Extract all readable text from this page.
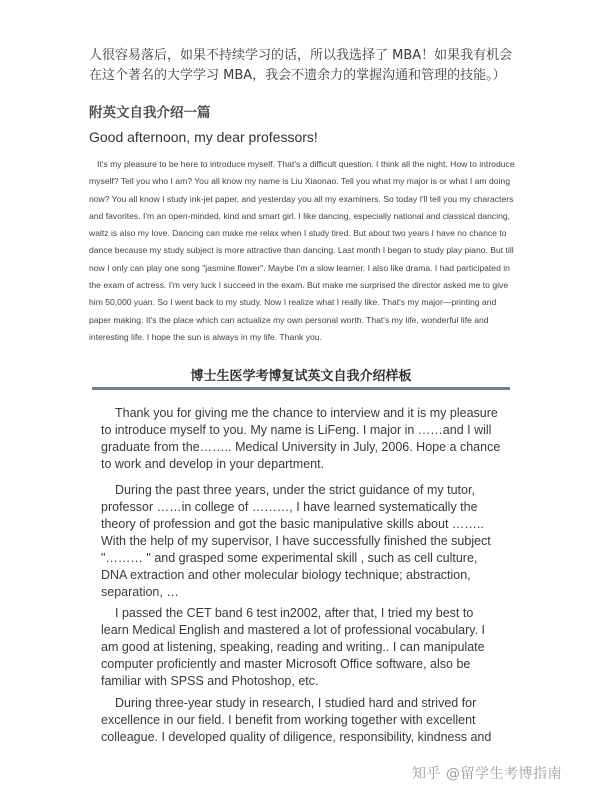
人很容易落后，如果不持续学习的话，所以我选择了 MBA！如果我有机会在这个著名的大学学习 MBA，我会不遗余力的掌握沟通和管理的技能。）

附英文自我介绍一篇

Good afternoon, my dear professors!

It's my pleasure to be here to introduce myself. That's a difficult question. I think all the night. How to introduce myself? Tell you who I am? You all know my name is Liu Xiaonao. Tell you what my major is or what I am doing now? You all know I study ink-jet paper, and yesterday you all my examiners. So today I'll tell you my characters and favorites. I'm an open-minded, kind and smart girl. I like dancing, especially national and classical dancing, waltz is also my love. Dancing can make me relax when I study tired. But about two years I have no chance to dance because my study subject is more attractive than dancing. Last month I began to study play piano. But till now I only can play one song "jasmine flower". Maybe I'm a slow learner. I also like drama. I had participated in the exam of actress. I'm very luck I succeed in the exam. But make me surprised the director asked me to give him 50,000 yuan. So I went back to my study. Now I realize what I really like. That's my major—printing and paper making. It's the place which can actualize my own personal worth. That's my life, wonderful life and interesting life. I hope the sun is always in my life. Thank you.

博士生医学考博复试英文自我介绍样板

Thank you for giving me the chance to interview and it is my pleasure to introduce myself to you. My name is LiFeng. I major in ……and I will graduate from the…….. Medical University in July, 2006. Hope a chance to work and develop in your department.

During the past three years, under the strict guidance of my tutor, professor ……in college of ………, I have learned systematically the theory of profession and got the basic manipulative skills about …….. With the help of my supervisor, I have successfully finished the subject "……… " and grasped some experimental skill , such as cell culture, DNA extraction and other molecular biology technique; abstraction, separation, …

I passed the CET band 6 test in2002, after that, I tried my best to learn Medical English and mastered a lot of professional vocabulary. I am good at listening, speaking, reading and writing.. I can manipulate computer proficiently and master Microsoft Office software, also be familiar with SPSS and Photoshop, etc.

During three-year study in research, I studied hard and strived for excellence in our field. I benefit from working together with excellent colleague. I developed quality of diligence, responsibility, kindness and

知乎 @留学生考博指南
